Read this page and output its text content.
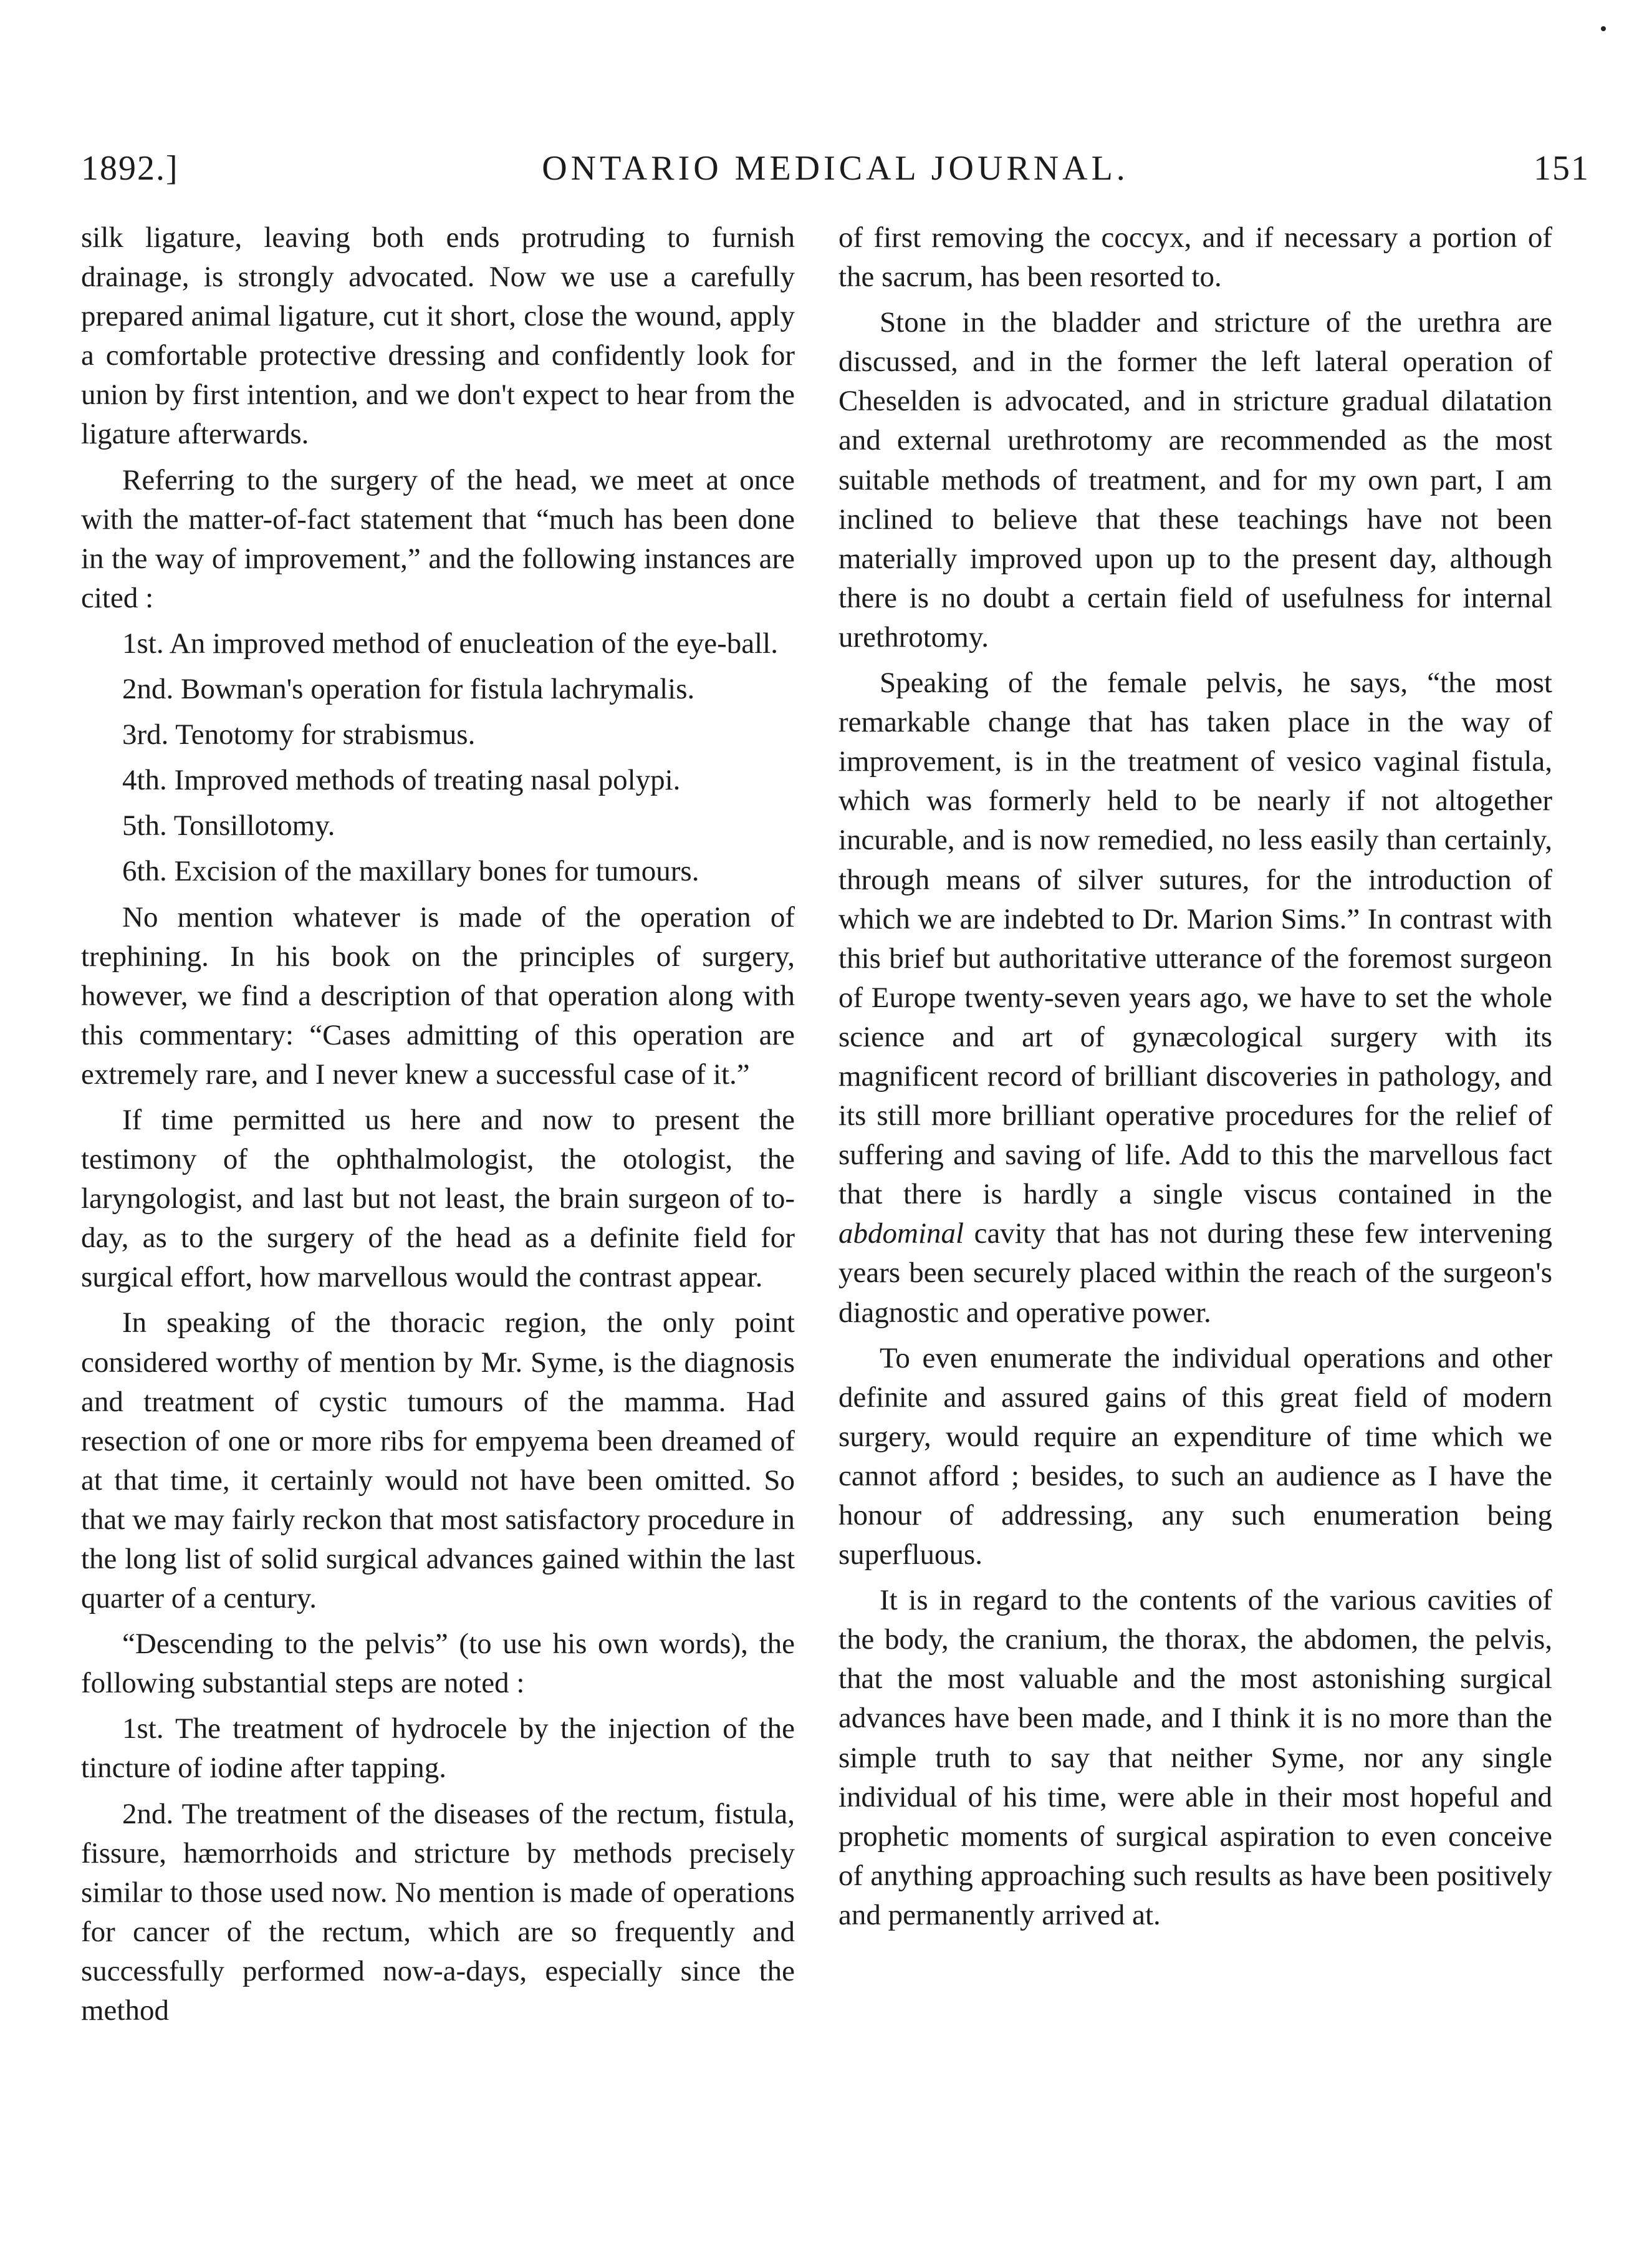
1892.]	ONTARIO MEDICAL JOURNAL.	151

silk ligature, leaving both ends protruding to furnish drainage, is strongly advocated. Now we use a carefully prepared animal ligature, cut it short, close the wound, apply a comfortable protective dressing and confidently look for union by first intention, and we don't expect to hear from the ligature afterwards.

Referring to the surgery of the head, we meet at once with the matter-of-fact statement that “much has been done in the way of improvement,” and the following instances are cited :

1st. An improved method of enucleation of the eye-ball.

2nd. Bowman's operation for fistula lachrymalis.

3rd. Tenotomy for strabismus.

4th. Improved methods of treating nasal polypi.

5th. Tonsillotomy.

6th. Excision of the maxillary bones for tumours.

No mention whatever is made of the operation of trephining. In his book on the principles of surgery, however, we find a description of that operation along with this commentary: “Cases admitting of this operation are extremely rare, and I never knew a successful case of it.”

If time permitted us here and now to present the testimony of the ophthalmologist, the otologist, the laryngologist, and last but not least, the brain surgeon of to-day, as to the surgery of the head as a definite field for surgical effort, how marvellous would the contrast appear.

In speaking of the thoracic region, the only point considered worthy of mention by Mr. Syme, is the diagnosis and treatment of cystic tumours of the mamma. Had resection of one or more ribs for empyema been dreamed of at that time, it certainly would not have been omitted. So that we may fairly reckon that most satisfactory procedure in the long list of solid surgical advances gained within the last quarter of a century.

“Descending to the pelvis” (to use his own words), the following substantial steps are noted :

1st. The treatment of hydrocele by the injection of the tincture of iodine after tapping.

2nd. The treatment of the diseases of the rectum, fistula, fissure, hæmorrhoids and stricture by methods precisely similar to those used now. No mention is made of operations for cancer of the rectum, which are so frequently and successfully performed now-a-days, especially since the method

of first removing the coccyx, and if necessary a portion of the sacrum, has been resorted to.

Stone in the bladder and stricture of the urethra are discussed, and in the former the left lateral operation of Cheselden is advocated, and in stricture gradual dilatation and external urethrotomy are recommended as the most suitable methods of treatment, and for my own part, I am inclined to believe that these teachings have not been materially improved upon up to the present day, although there is no doubt a certain field of usefulness for internal urethrotomy.

Speaking of the female pelvis, he says, “the most remarkable change that has taken place in the way of improvement, is in the treatment of vesico vaginal fistula, which was formerly held to be nearly if not altogether incurable, and is now remedied, no less easily than certainly, through means of silver sutures, for the introduction of which we are indebted to Dr. Marion Sims.” In contrast with this brief but authoritative utterance of the foremost surgeon of Europe twenty-seven years ago, we have to set the whole science and art of gynæcological surgery with its magnificent record of brilliant discoveries in pathology, and its still more brilliant operative procedures for the relief of suffering and saving of life. Add to this the marvellous fact that there is hardly a single viscus contained in the abdominal cavity that has not during these few intervening years been securely placed within the reach of the surgeon's diagnostic and operative power.

To even enumerate the individual operations and other definite and assured gains of this great field of modern surgery, would require an expenditure of time which we cannot afford ; besides, to such an audience as I have the honour of addressing, any such enumeration being superfluous.

It is in regard to the contents of the various cavities of the body, the cranium, the thorax, the abdomen, the pelvis, that the most valuable and the most astonishing surgical advances have been made, and I think it is no more than the simple truth to say that neither Syme, nor any single individual of his time, were able in their most hopeful and prophetic moments of surgical aspiration to even conceive of anything approaching such results as have been positively and permanently arrived at.
